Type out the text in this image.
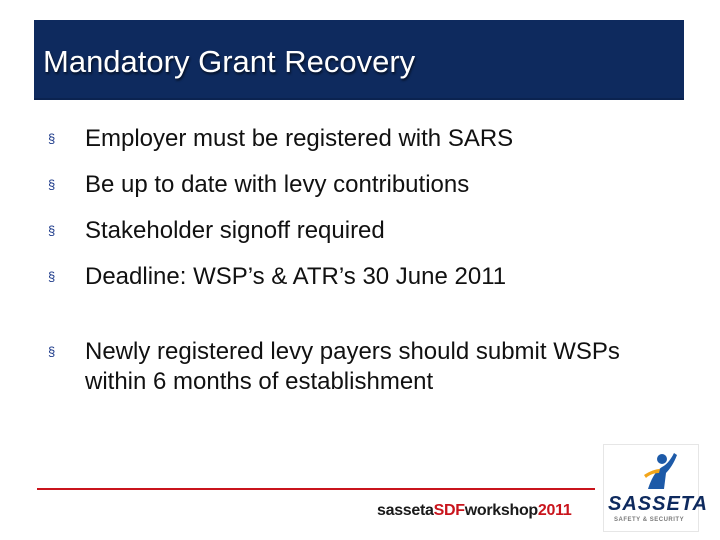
Mandatory Grant Recovery
§	Employer must be registered with SARS
§	Be up to date with levy contributions
§	Stakeholder signoff required
§	Deadline: WSP’s & ATR’s 30 June 2011
§	Newly registered levy payers should submit WSPs within 6 months of establishment
sassetaSDFworkshop2011 SASSETA
SAFETY & SECURITY
